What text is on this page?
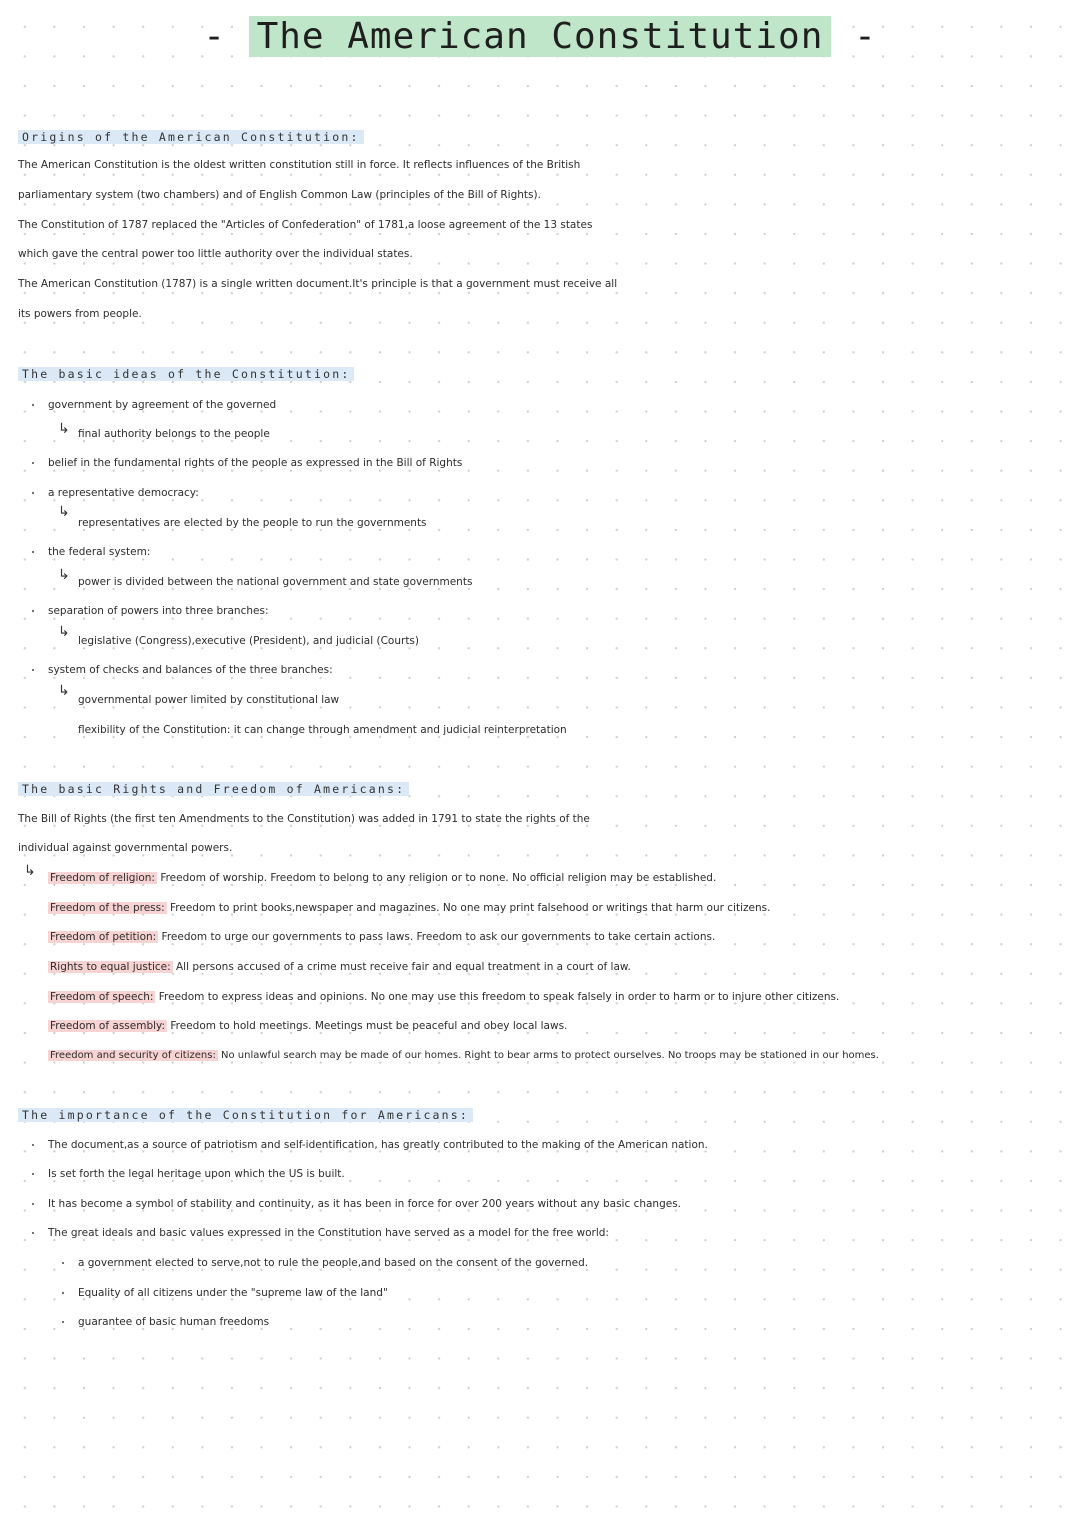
- The American Constitution -
Origins of the American Constitution:
The American Constitution is the oldest written constitution still in force. It reflects influences of the British
parliamentary system (two chambers) and of English Common Law (principles of the Bill of Rights).
The Constitution of 1787 replaced the "Articles of Confederation" of 1781,a loose agreement of the 13 states
which gave the central power too little authority over the individual states.
The American Constitution (1787) is a single written document.It's principle is that a government must receive all
its powers from people.
The basic ideas of the Constitution:
government by agreement of the governed
↳ final authority belongs to the people
belief in the fundamental rights of the people as expressed in the Bill of Rights
a representative democracy:
↳
representatives are elected by the people to run the governments
the federal system:
↳ power is divided between the national government and state governments
separation of powers into three branches:
↳
legislative (Congress),executive (President), and judicial (Courts)
system of checks and balances of the three branches:
↳
governmental power limited by constitutional law
flexibility of the Constitution: it can change through amendment and judicial reinterpretation
The basic Rights and Freedom of Americans:
The Bill of Rights (the first ten Amendments to the Constitution) was added in 1791 to state the rights of the
individual against governmental powers.
↳ Freedom of religion: Freedom of worship. Freedom to belong to any religion or to none. No official religion may be established.
Freedom of the press: Freedom to print books,newspaper and magazines. No one may print falsehood or writings that harm our citizens.
Freedom of petition: Freedom to urge our governments to pass laws. Freedom to ask our governments to take certain actions.
Rights to equal justice: All persons accused of a crime must receive fair and equal treatment in a court of law.
Freedom of speech: Freedom to express ideas and opinions. No one may use this freedom to speak falsely in order to harm or to injure other citizens.
Freedom of assembly: Freedom to hold meetings. Meetings must be peaceful and obey local laws.
Freedom and security of citizens: No unlawful search may be made of our homes. Right to bear arms to protect ourselves. No troops may be stationed in our homes.
The importance of the Constitution for Americans:
The document,as a source of patriotism and self-identification, has greatly contributed to the making of the American nation.
Is set forth the legal heritage upon which the US is built.
It has become a symbol of stability and continuity, as it has been in force for over 200 years without any basic changes.
The great ideals and basic values expressed in the Constitution have served as a model for the free world:
a government elected to serve,not to rule the people,and based on the consent of the governed.
Equality of all citizens under the "supreme law of the land"
guarantee of basic human freedoms
